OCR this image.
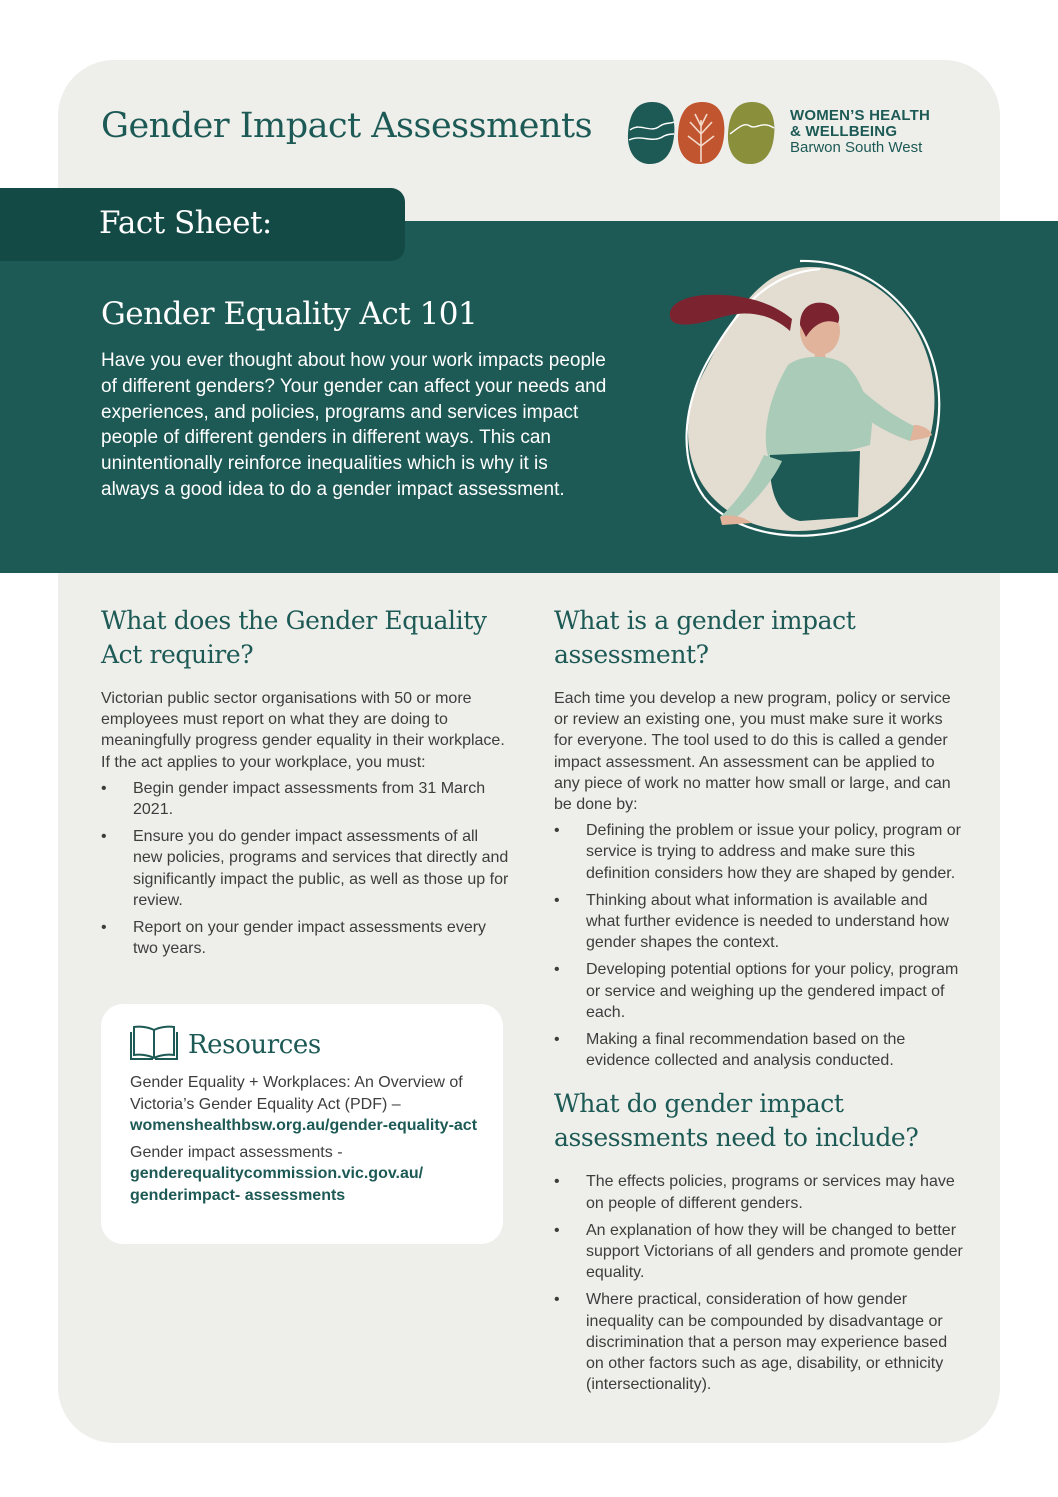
Gender Impact Assessments	WOMEN’S HEALTH
& WELLBEING
Barwon South West
Fact Sheet:
Gender Equality Act 101

Have you ever thought about how your work impacts people of different genders? Your gender can affect your needs and experiences, and policies, programs and services impact people of different genders in different ways. This can unintentionally reinforce inequalities which is why it is always a good idea to do a gender impact assessment.

What does the Gender Equality Act require?

Victorian public sector organisations with 50 or more employees must report on what they are doing to meaningfully progress gender equality in their workplace. If the act applies to your workplace, you must:

• Begin gender impact assessments from 31 March 2021.
• Ensure you do gender impact assessments of all new policies, programs and services that directly and significantly impact the public, as well as those up for review.
• Report on your gender impact assessments every two years.
Resources
Gender Equality + Workplaces: An Overview of Victoria’s Gender Equality Act (PDF) – womenshealthbsw.org.au/gender-equality-act
Gender impact assessments - genderequalitycommission.vic.gov.au/ genderimpact- assessments
What is a gender impact assessment?

Each time you develop a new program, policy or service or review an existing one, you must make sure it works for everyone. The tool used to do this is called a gender impact assessment. An assessment can be applied to any piece of work no matter how small or large, and can be done by:

• Defining the problem or issue your policy, program or service is trying to address and make sure this definition considers how they are shaped by gender.
• Thinking about what information is available and what further evidence is needed to understand how gender shapes the context.
• Developing potential options for your policy, program or service and weighing up the gendered impact of each.
• Making a final recommendation based on the evidence collected and analysis conducted.
What do gender impact assessments need to include?
• The effects policies, programs or services may have on people of different genders.
• An explanation of how they will be changed to better support Victorians of all genders and promote gender equality.
• Where practical, consideration of how gender inequality can be compounded by disadvantage or discrimination that a person may experience based on other factors such as age, disability, or ethnicity (intersectionality).
